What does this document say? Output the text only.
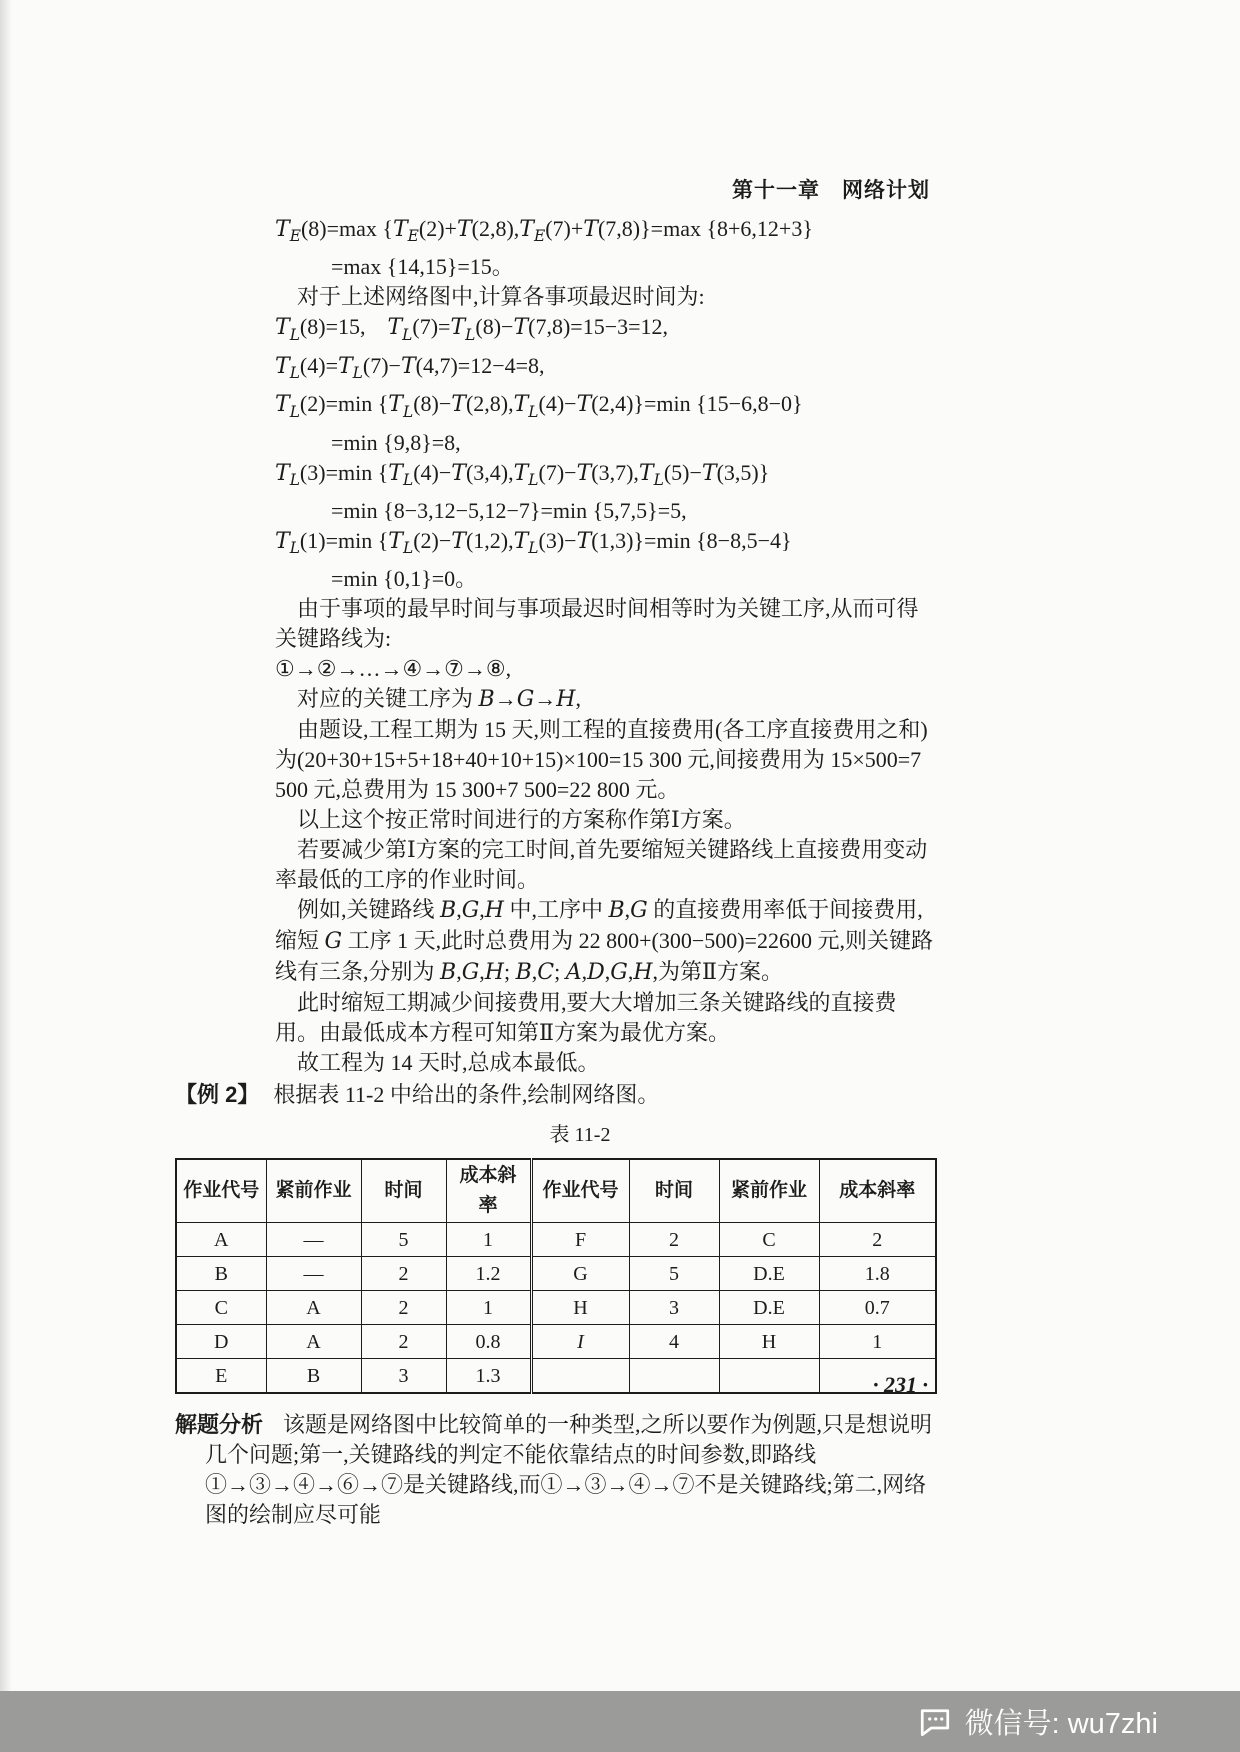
第十一章　网络计划
$T_E(8)=\max$ $\{T_E(2)+T(2,8),T_E(7)+T(7,8)\}=\max$ {8+6,12+3}
=max {14,15}=15。
对于上述网络图中,计算各事项最迟时间为:
$T_L(8)=15$,    $T_L(7)=T_L(8)-T(7,8)=15-3=12$,
$T_L(4)=T_L(7)-T(4,7)=12-4=8$,
$T_L(2)=\min$ $\{T_L(8)-T(2,8),T_L(4)-T(2,4)\}=\min$ {15−6,8−0}
=min {9,8}=8,
$T_L(3)=\min$ $\{T_L(4)-T(3,4),T_L(7)-T(3,7),T_L(5)-T(3,5)\}$
=min {8−3,12−5,12−7}=min {5,7,5}=5,
$T_L(1)=\min$ $\{T_L(2)-T(1,2),T_L(3)-T(1,3)\}=\min$ {8−8,5−4}
=min {0,1}=0。
由于事项的最早时间与事项最迟时间相等时为关键工序,从而可得关键路线为:
①→②→…→④→⑦→⑧,
对应的关键工序为 B→G→H,
由题设,工程工期为 15 天,则工程的直接费用(各工序直接费用之和)为(20+30+15+5+18+40+10+15)×100=15 300 元,间接费用为 15×500=7 500 元,总费用为 15 300+7 500=22 800 元。
以上这个按正常时间进行的方案称作第Ⅰ方案。
若要减少第Ⅰ方案的完工时间,首先要缩短关键路线上直接费用变动率最低的工序的作业时间。
例如,关键路线 B,G,H 中,工序中 B,G 的直接费用率低于间接费用,缩短 G 工序 1 天,此时总费用为 22 800+(300−500)=22600 元,则关键路线有三条,分别为 B,G,H; B,C; A,D,G,H,为第Ⅱ方案。
此时缩短工期减少间接费用,要大大增加三条关键路线的直接费用。由最低成本方程可知第Ⅱ方案为最优方案。
故工程为 14 天时,总成本最低。
【例 2】 根据表 11-2 中给出的条件,绘制网络图。
表 11-2
作业代号	紧前作业	时间	成本斜率	作业代号	时间	紧前作业	成本斜率
A	—	5	1	F	2	C	2
B	—	2	1.2	G	5	D.E	1.8
C	A	2	1	H	3	D.E	0.7
D	A	2	0.8	I	4	H	1
E	B	3	1.3				
解题分析 该题是网络图中比较简单的一种类型,之所以要作为例题,只是想说明几个问题;第一,关键路线的判定不能依靠结点的时间参数,即路线①→③→④→⑥→⑦是关键路线,而①→③→④→⑦不是关键路线;第二,网络图的绘制应尽可能
· 231 ·
微信号: wu7zhi
